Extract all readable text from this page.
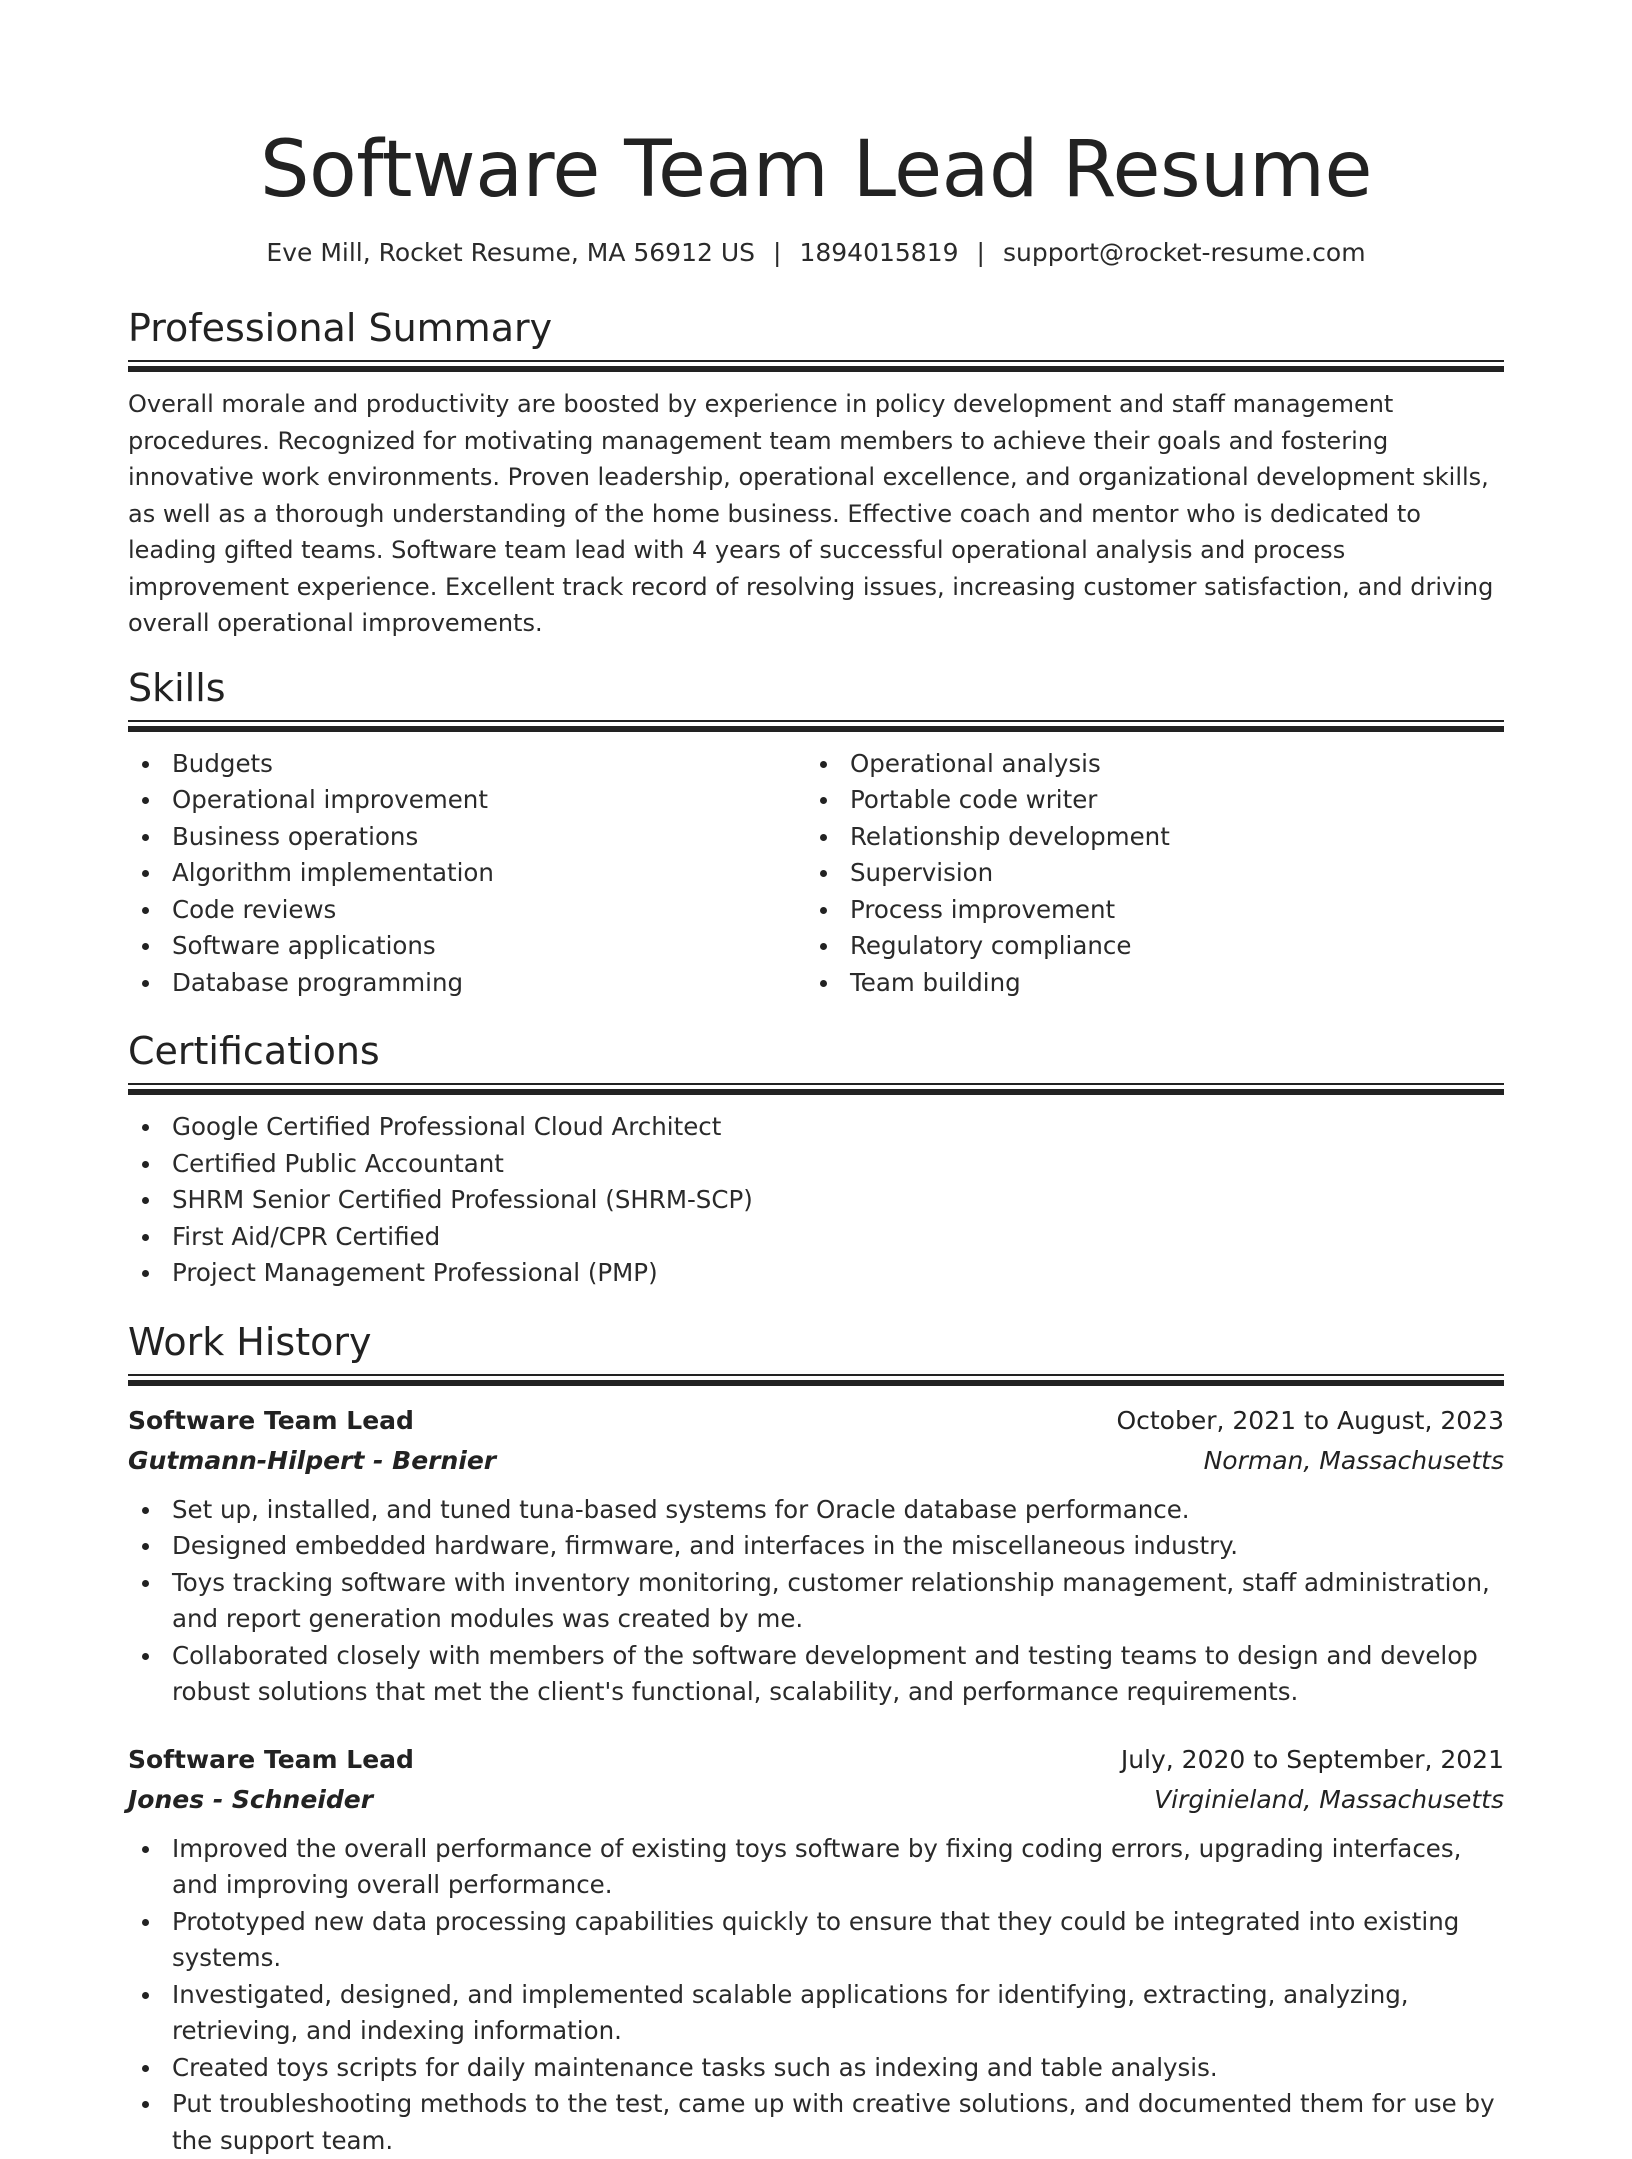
Software Team Lead Resume
Eve Mill, Rocket Resume, MA 56912 US | 1894015819 | support@rocket-resume.com
Professional Summary

Overall morale and productivity are boosted by experience in policy development and staff management procedures. Recognized for motivating management team members to achieve their goals and fostering innovative work environments. Proven leadership, operational excellence, and organizational development skills, as well as a thorough understanding of the home business. Effective coach and mentor who is dedicated to leading gifted teams. Software team lead with 4 years of successful operational analysis and process improvement experience. Excellent track record of resolving issues, increasing customer satisfaction, and driving overall operational improvements.

Skills
Budgets
Operational improvement
Business operations
Algorithm implementation
Code reviews
Software applications
Database programming
Operational analysis
Portable code writer
Relationship development
Supervision
Process improvement
Regulatory compliance
Team building
Certifications
Google Certified Professional Cloud Architect
Certified Public Accountant
SHRM Senior Certified Professional (SHRM-SCP)
First Aid/CPR Certified
Project Management Professional (PMP)
Work History
Software Team Lead	October, 2021 to August, 2023
Gutmann-Hilpert - Bernier	Norman, Massachusetts
Set up, installed, and tuned tuna-based systems for Oracle database performance.
Designed embedded hardware, firmware, and interfaces in the miscellaneous industry.
Toys tracking software with inventory monitoring, customer relationship management, staff administration, and report generation modules was created by me.
Collaborated closely with members of the software development and testing teams to design and develop robust solutions that met the client's functional, scalability, and performance requirements.
Software Team Lead	July, 2020 to September, 2021
Jones - Schneider	Virginieland, Massachusetts
Improved the overall performance of existing toys software by fixing coding errors, upgrading interfaces, and improving overall performance.
Prototyped new data processing capabilities quickly to ensure that they could be integrated into existing systems.
Investigated, designed, and implemented scalable applications for identifying, extracting, analyzing, retrieving, and indexing information.
Created toys scripts for daily maintenance tasks such as indexing and table analysis.
Put troubleshooting methods to the test, came up with creative solutions, and documented them for use by the support team.
